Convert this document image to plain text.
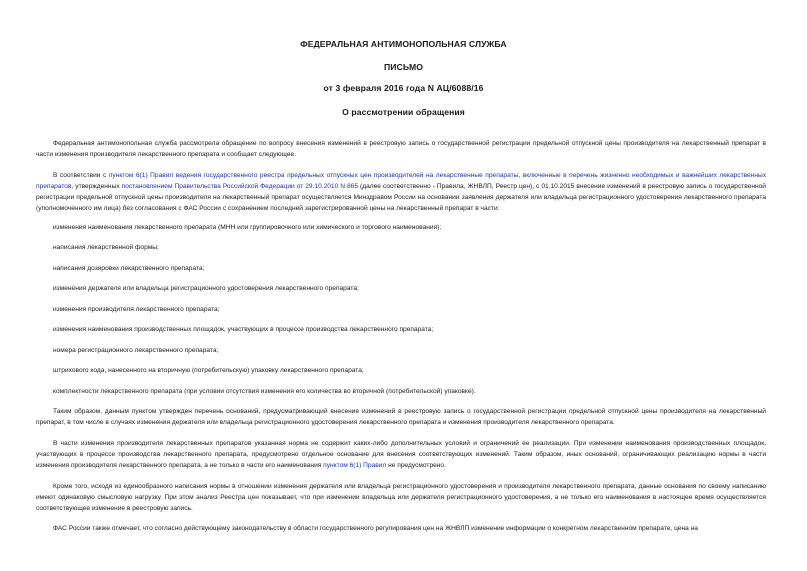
ФЕДЕРАЛЬНАЯ АНТИМОНОПОЛЬНАЯ СЛУЖБА
ПИСЬМО
от 3 февраля 2016 года N АЦ/6088/16
О рассмотрении обращения
Федеральная антимонопольная служба рассмотрела обращение по вопросу внесения изменений в реестровую запись о государственной регистрации предельной отпускной цены производителя на лекарственный препарат в части изменения производителя лекарственного препарата и сообщает следующее.
В соответствии с пунктом 6(1) Правил ведения государственного реестра предельных отпускных цен производителей на лекарственные препараты, включенные в перечень жизненно необходимых и важнейших лекарственных препаратов, утвержденных постановлением Правительства Российской Федерации от 29.10.2010 N 865 (далее соответственно - Правила, ЖНВЛП, Реестр цен), с 01.10.2015 внесение изменений в реестровую запись о государственной регистрации предельной отпускной цены производителя на лекарственный препарат осуществляется Минздравом России на основании заявления держателя или владельца регистрационного удостоверения лекарственного препарата (уполномоченного им лица) без согласования с ФАС России с сохранением последней зарегистрированной цены на лекарственный препарат в части:
изменения наименования лекарственного препарата (МНН или группировочного или химического и торгового наименования);
написания лекарственной формы;
написания дозировки лекарственного препарата;
изменения держателя или владельца регистрационного удостоверения лекарственного препарата;
изменения производителя лекарственного препарата;
изменения наименования производственных площадок, участвующих в процессе производства лекарственного препарата;
номера регистрационного лекарственного препарата;
штрихового кода, нанесенного на вторичную (потребительскую) упаковку лекарственного препарата;
комплектности лекарственного препарата (при условии отсутствия изменения его количества во вторичной (потребительской) упаковке).
Таким образом, данным пунктом утвержден перечень оснований, предусматривающий внесение изменений в реестровую запись о государственной регистрации предельной отпускной цены производителя на лекарственный препарат, в том числе в случаях изменения держателя или владельца регистрационного удостоверения лекарственного препарата и изменения производителя лекарственного препарата.
В части изменения производителя лекарственных препаратов указанная норма не содержит каких-либо дополнительных условий и ограничений ее реализации. При изменении наименования производственных площадок, участвующих в процессе производства лекарственного препарата, предусмотрено отдельное основание для внесения соответствующих изменений. Таким образом, иных оснований, ограничивающих реализацию нормы в части изменения производителя лекарственного препарата, а не только в части его наименования пунктом 6(1) Правил не предусмотрено.
Кроме того, исходя из единообразного написания нормы в отношении изменения держателя или владельца регистрационного удостоверения и производителя лекарственного препарата, данные основания по своему написанию имеют одинаковую смысловую нагрузку. При этом анализ Реестра цен показывает, что при изменении владельца или держателя регистрационного удостоверения, а не только его наименования в настоящее время осуществляется соответствующее изменение в реестровую запись.
ФАС России также отмечает, что согласно действующему законодательству в области государственного регулирования цен на ЖНВЛП изменение информации о конкретном лекарственном препарате, цена на
